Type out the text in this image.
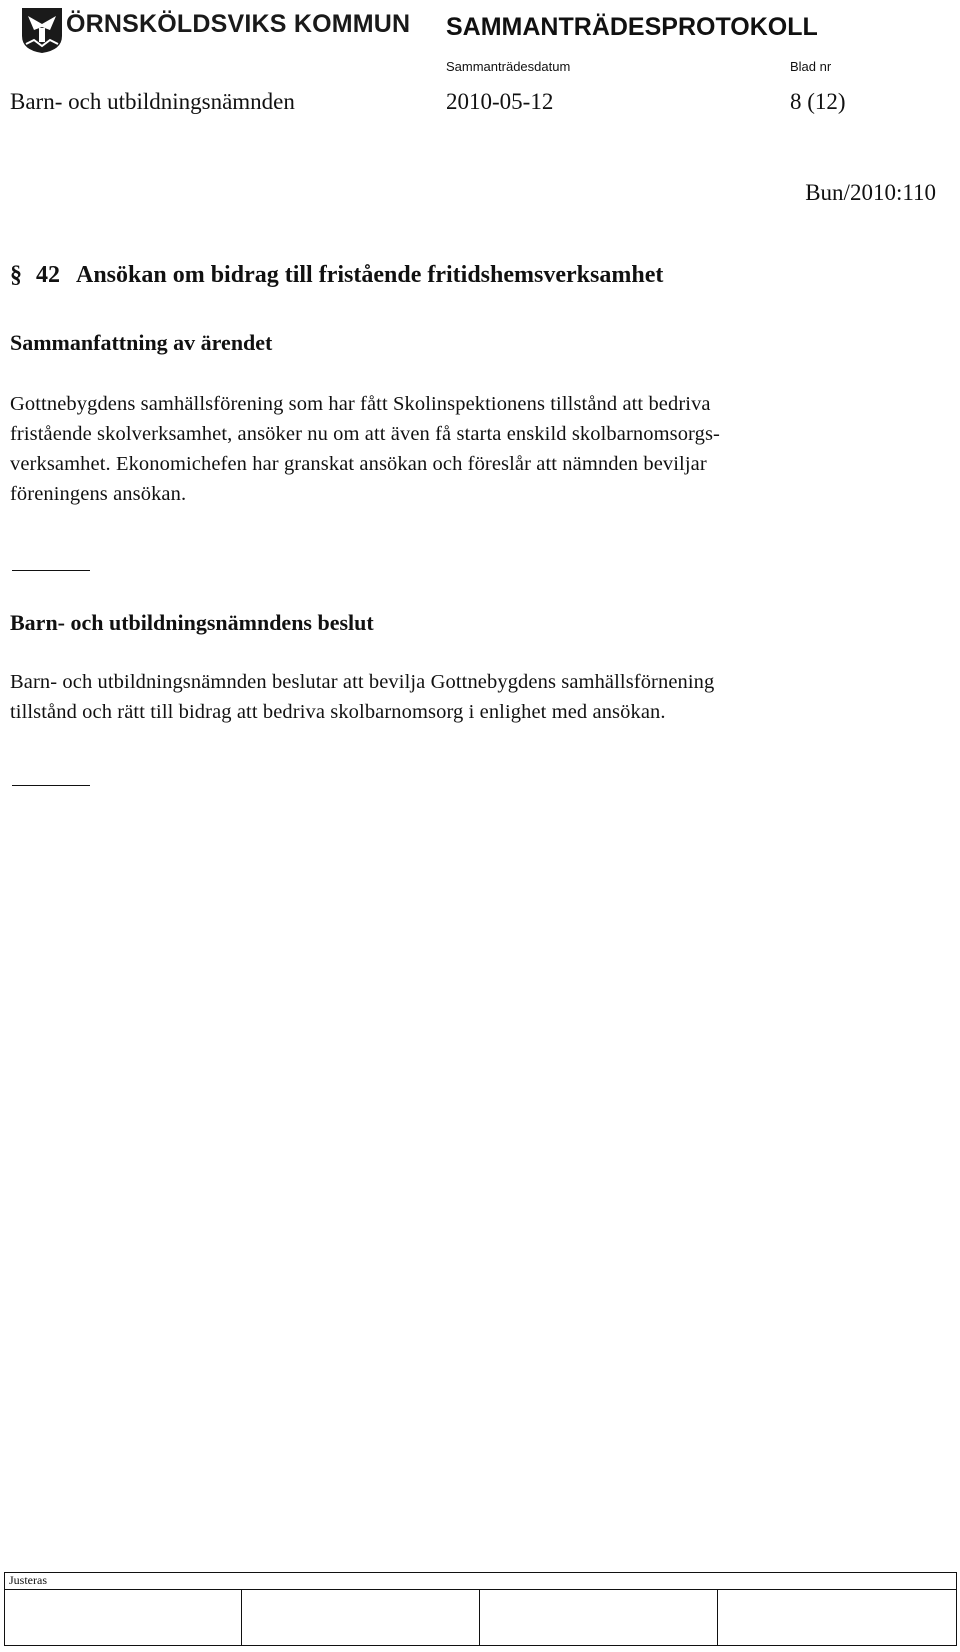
ÖRNSKÖLDSVIKS KOMMUN SAMMANTRÄDESPROTOKOLL
Sammanträdesdatum	Blad nr
Barn- och utbildningsnämnden	2010-05-12	8 (12)
Bun/2010:110
§ 42 Ansökan om bidrag till fristående fritidshemsverksamhet
Sammanfattning av ärendet
Gottnebygdens samhällsförening som har fått Skolinspektionens tillstånd att bedriva
fristående skolverksamhet, ansöker nu om att även få starta enskild skolbarnomsorgs-
verksamhet. Ekonomichefen har granskat ansökan och föreslår att nämnden beviljar
föreningens ansökan.
Barn- och utbildningsnämndens beslut
Barn- och utbildningsnämnden beslutar att bevilja Gottnebygdens samhällsförnening
tillstånd och rätt till bidrag att bedriva skolbarnomsorg i enlighet med ansökan.
Justeras
